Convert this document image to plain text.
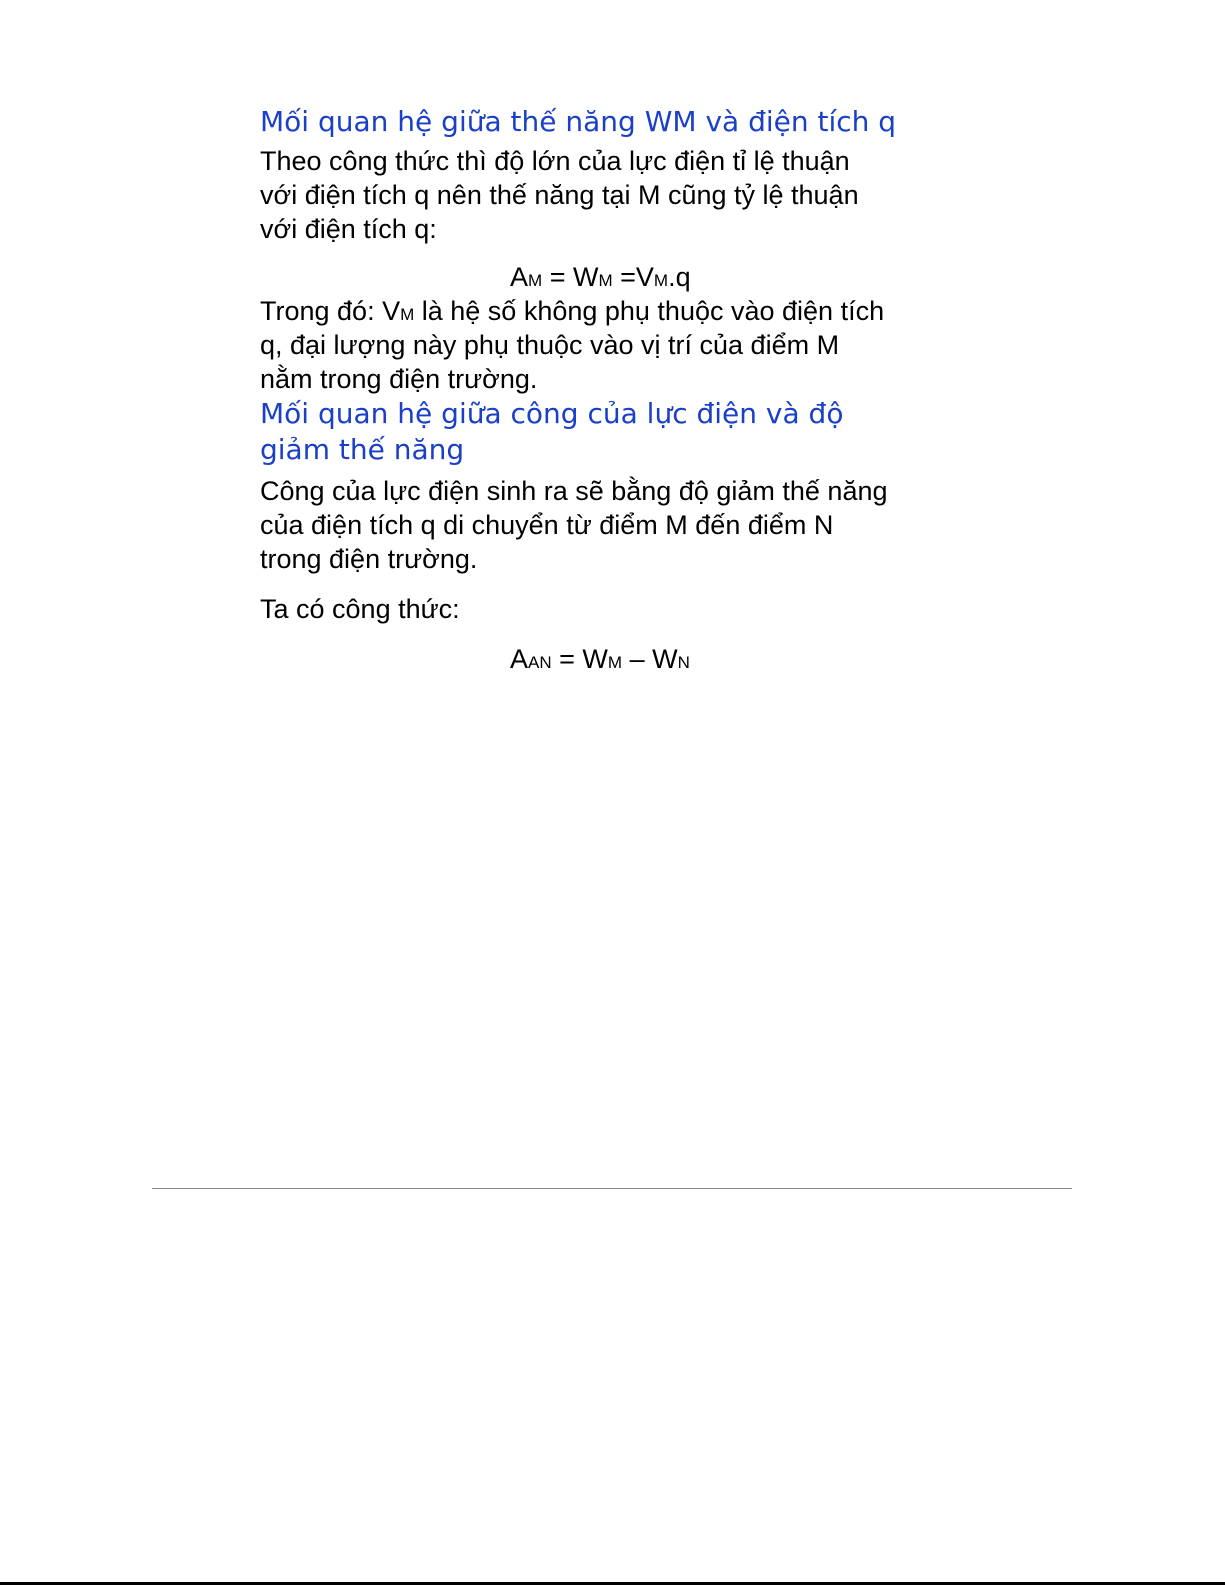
Mối quan hệ giữa thế năng WM và điện tích q
Theo công thức thì độ lớn của lực điện tỉ lệ thuận
với điện tích q nên thế năng tại M cũng tỷ lệ thuận
với điện tích q:
AM = WM =VM.q
Trong đó: VM là hệ số không phụ thuộc vào điện tích
q, đại lượng này phụ thuộc vào vị trí của điểm M
nằm trong điện trường.
Mối quan hệ giữa công của lực điện và độ
giảm thế năng
Công của lực điện sinh ra sẽ bằng độ giảm thế năng
của điện tích q di chuyển từ điểm M đến điểm N
trong điện trường.
Ta có công thức:
AAN = WM – WN
